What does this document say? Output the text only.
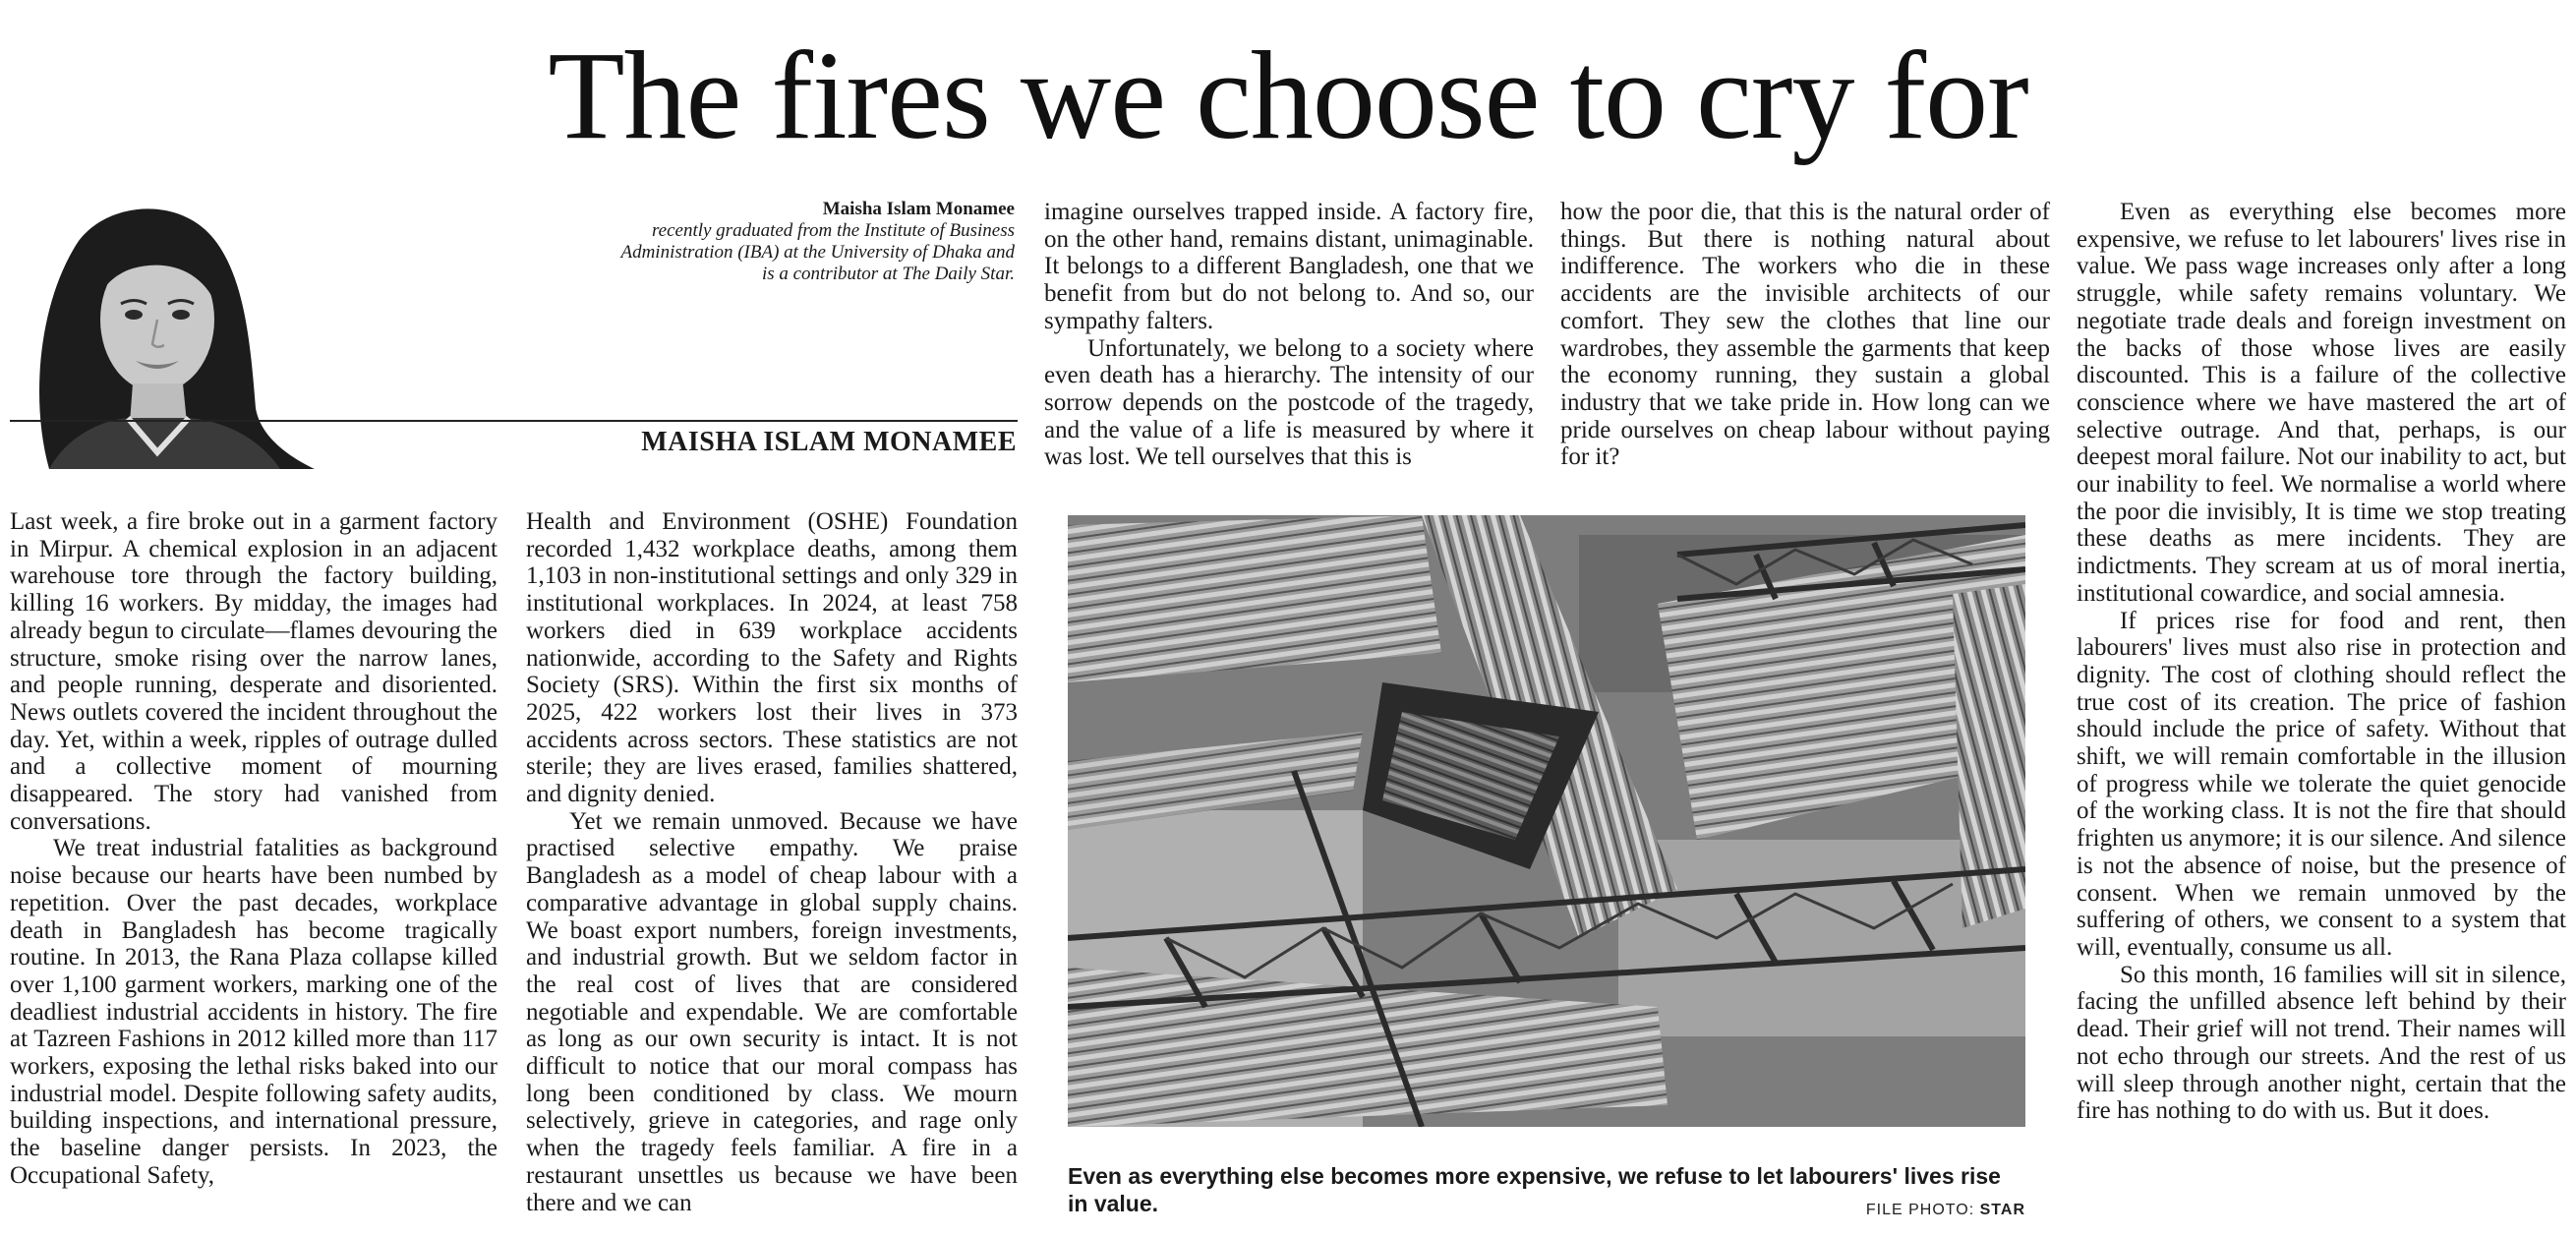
The fires we choose to cry for
Maisha Islam Monamee
recently graduated from the Institute of Business Administration (IBA) at the University of Dhaka and is a contributor at The Daily Star.
MAISHA ISLAM MONAMEE

Last week, a fire broke out in a garment factory in Mirpur. A chemical explosion in an adjacent warehouse tore through the factory building, killing 16 workers. By midday, the images had already begun to circulate—flames devouring the structure, smoke rising over the narrow lanes, and people running, desperate and disoriented. News outlets covered the incident throughout the day. Yet, within a week, ripples of outrage dulled and a collective moment of mourning disappeared. The story had vanished from conversations.

We treat industrial fatalities as background noise because our hearts have been numbed by repetition. Over the past decades, workplace death in Bangladesh has become tragically routine. In 2013, the Rana Plaza collapse killed over 1,100 garment workers, marking one of the deadliest industrial accidents in history. The fire at Tazreen Fashions in 2012 killed more than 117 workers, exposing the lethal risks baked into our industrial model. Despite following safety audits, building inspections, and international pressure, the baseline danger persists. In 2023, the Occupational Safety,

Health and Environment (OSHE) Foundation recorded 1,432 workplace deaths, among them 1,103 in non-institutional settings and only 329 in institutional workplaces. In 2024, at least 758 workers died in 639 workplace accidents nationwide, according to the Safety and Rights Society (SRS). Within the first six months of 2025, 422 workers lost their lives in 373 accidents across sectors. These statistics are not sterile; they are lives erased, families shattered, and dignity denied.

Yet we remain unmoved. Because we have practised selective empathy. We praise Bangladesh as a model of cheap labour with a comparative advantage in global supply chains. We boast export numbers, foreign investments, and industrial growth. But we seldom factor in the real cost of lives that are considered negotiable and expendable. We are comfortable as long as our own security is intact. It is not difficult to notice that our moral compass has long been conditioned by class. We mourn selectively, grieve in categories, and rage only when the tragedy feels familiar. A fire in a restaurant unsettles us because we have been there and we can

imagine ourselves trapped inside. A factory fire, on the other hand, remains distant, unimaginable. It belongs to a different Bangladesh, one that we benefit from but do not belong to. And so, our sympathy falters.

Unfortunately, we belong to a society where even death has a hierarchy. The intensity of our sorrow depends on the postcode of the tragedy, and the value of a life is measured by where it was lost. We tell ourselves that this is

how the poor die, that this is the natural order of things. But there is nothing natural about indifference. The workers who die in these accidents are the invisible architects of our comfort. They sew the clothes that line our wardrobes, they assemble the garments that keep the economy running, they sustain a global industry that we take pride in. How long can we pride ourselves on cheap labour without paying for it?

Even as everything else becomes more expensive, we refuse to let labourers' lives rise in value. We pass wage increases only after a long struggle, while safety remains voluntary. We negotiate trade deals and foreign investment on the backs of those whose lives are easily discounted. This is a failure of the collective conscience where we have mastered the art of selective outrage. And that, perhaps, is our deepest moral failure. Not our inability to act, but our inability to feel. We normalise a world where the poor die invisibly, It is time we stop treating these deaths as mere incidents. They are indictments. They scream at us of moral inertia, institutional cowardice, and social amnesia.

If prices rise for food and rent, then labourers' lives must also rise in protection and dignity. The cost of clothing should reflect the true cost of its creation. The price of fashion should include the price of safety. Without that shift, we will remain comfortable in the illusion of progress while we tolerate the quiet genocide of the working class. It is not the fire that should frighten us anymore; it is our silence. And silence is not the absence of noise, but the presence of consent. When we remain unmoved by the suffering of others, we consent to a system that will, eventually, consume us all.

So this month, 16 families will sit in silence, facing the unfilled absence left behind by their dead. Their grief will not trend. Their names will not echo through our streets. And the rest of us will sleep through another night, certain that the fire has nothing to do with us. But it does.

Even as everything else becomes more expensive, we refuse to let labourers' lives rise in value.	FILE PHOTO: STAR
